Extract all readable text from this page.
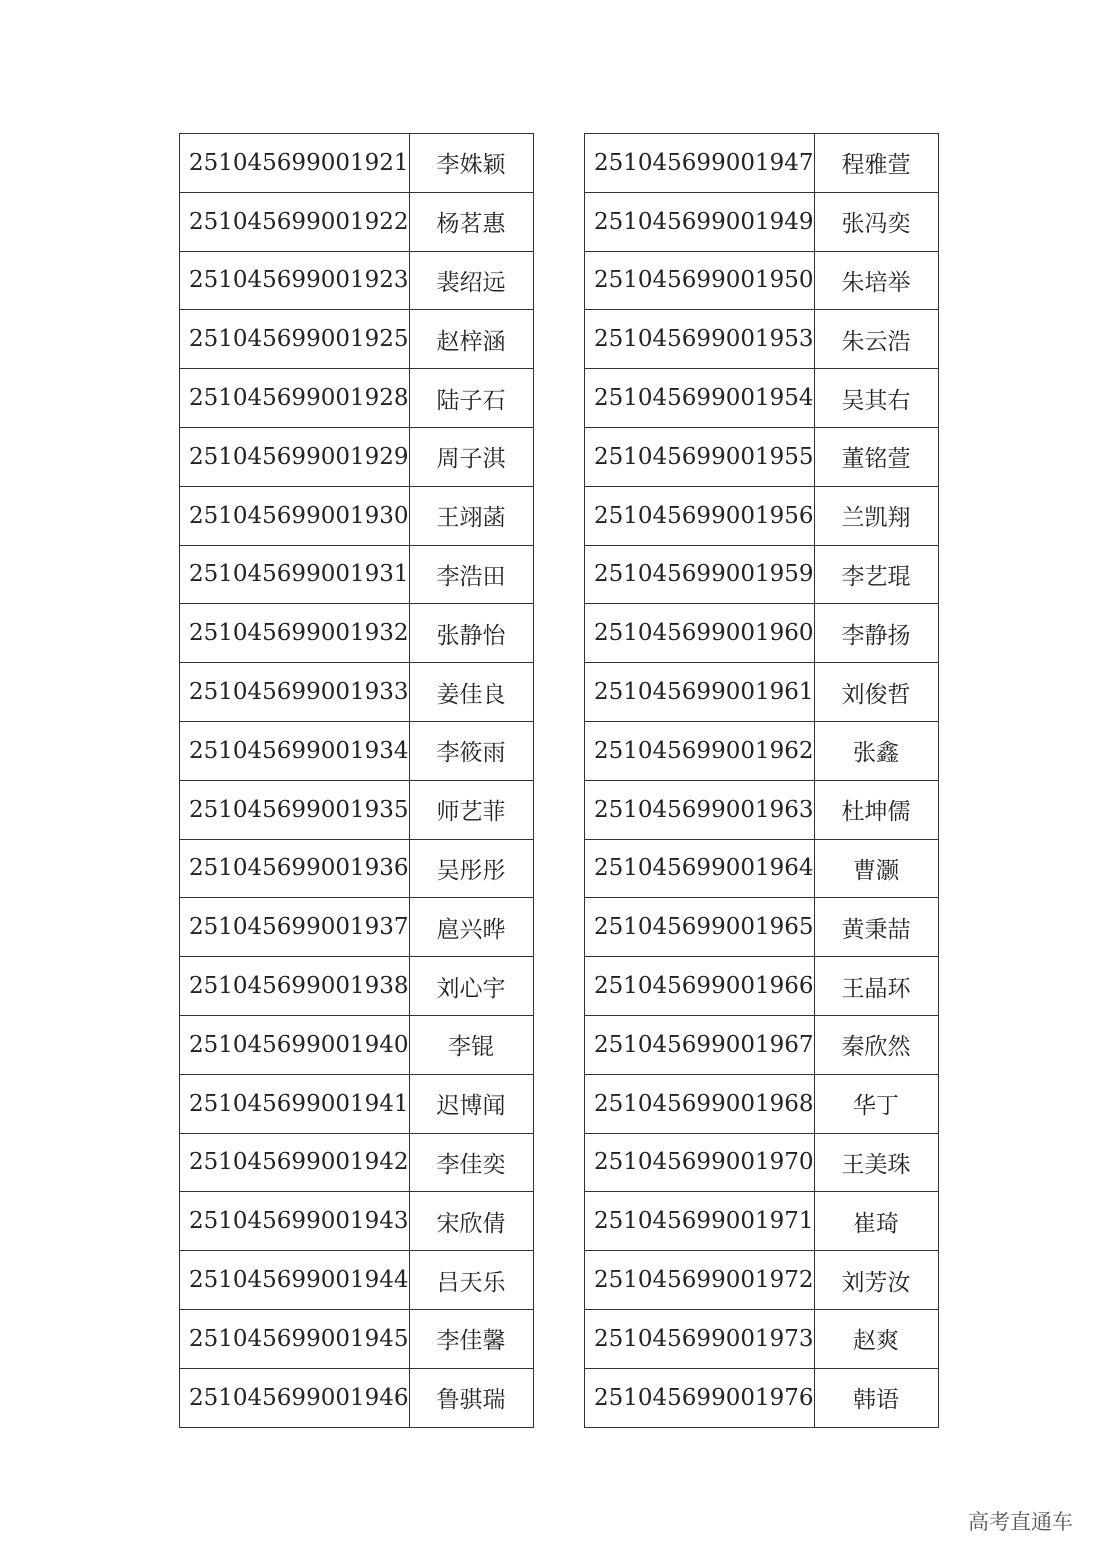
251045699001921	李姝颖
251045699001922	杨茗惠
251045699001923	裴绍远
251045699001925	赵梓涵
251045699001928	陆子石
251045699001929	周子淇
251045699001930	王翊菡
251045699001931	李浩田
251045699001932	张静怡
251045699001933	姜佳良
251045699001934	李筱雨
251045699001935	师艺菲
251045699001936	吴彤彤
251045699001937	扈兴晔
251045699001938	刘心宇
251045699001940	李锟
251045699001941	迟博闻
251045699001942	李佳奕
251045699001943	宋欣倩
251045699001944	吕天乐
251045699001945	李佳馨
251045699001946	鲁骐瑞
251045699001947	程雅萱
251045699001949	张冯奕
251045699001950	朱培举
251045699001953	朱云浩
251045699001954	吴其右
251045699001955	董铭萱
251045699001956	兰凯翔
251045699001959	李艺琨
251045699001960	李静扬
251045699001961	刘俊哲
251045699001962	张鑫
251045699001963	杜坤儒
251045699001964	曹灏
251045699001965	黄秉喆
251045699001966	王晶环
251045699001967	秦欣然
251045699001968	华丁
251045699001970	王美珠
251045699001971	崔琦
251045699001972	刘芳汝
251045699001973	赵爽
251045699001976	韩语
高考直通车
